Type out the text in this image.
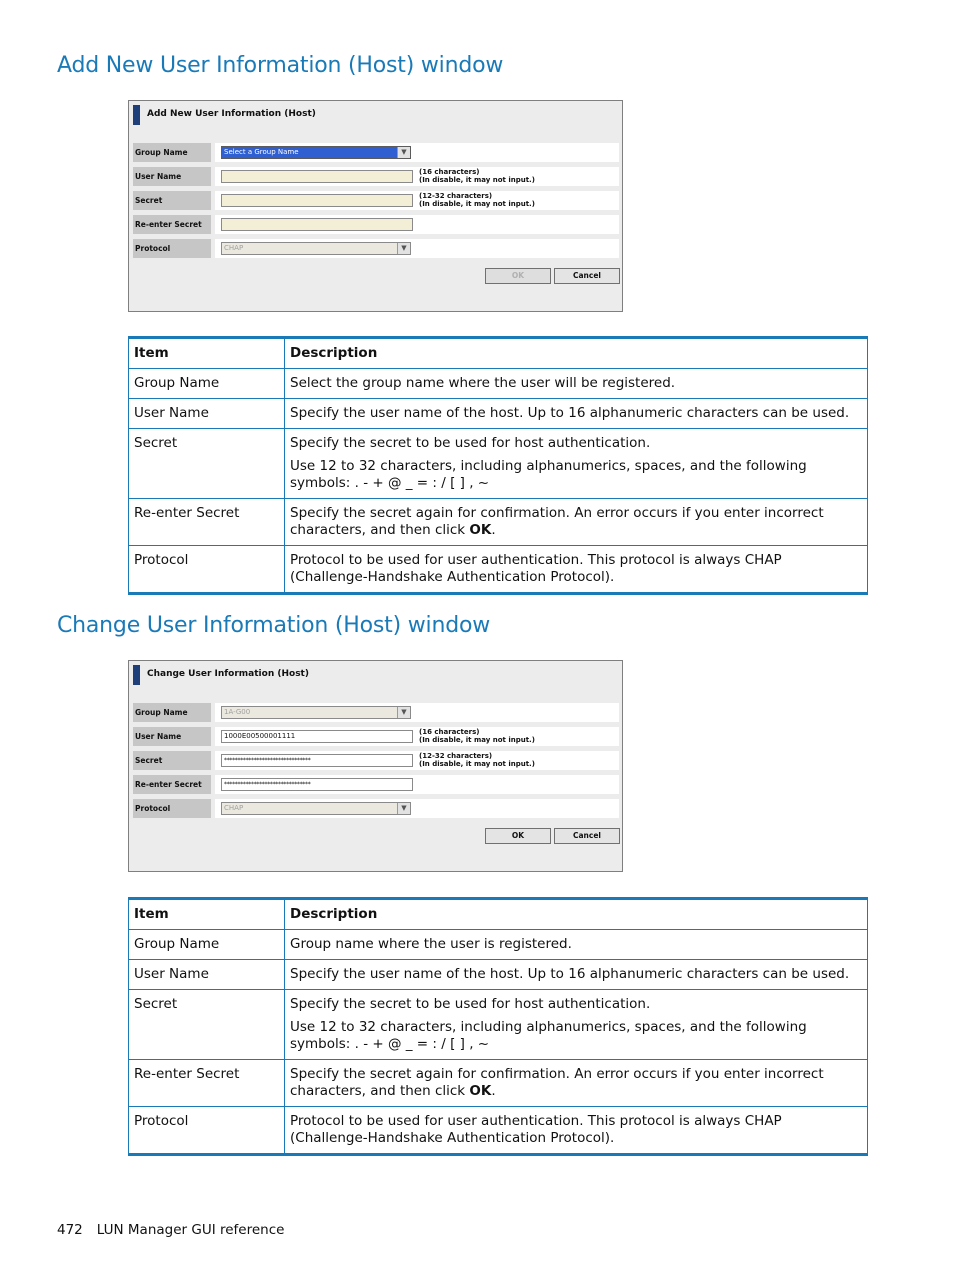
Add New User Information (Host) window
Add New User Information (Host)
Group Name	Select a Group Name	▼
User Name	(16 characters)
(In disable, it may not input.)
Secret	(12-32 characters)
(In disable, it may not input.)
Re-enter Secret
Protocol	CHAP	▼
OK	Cancel
Item	Description
Group Name	Select the group name where the user will be registered.
User Name	Specify the user name of the host. Up to 16 alphanumeric characters can be used.
Secret	Specify the secret to be used for host authentication.

Use 12 to 32 characters, including alphanumerics, spaces, and the following symbols: . - + @ _ = : / [ ] , ~

Re-enter Secret	Specify the secret again for confirmation. An error occurs if you enter incorrect characters, and then click OK.
Protocol	Protocol to be used for user authentication. This protocol is always CHAP (Challenge-Handshake Authentication Protocol).
Change User Information (Host) window
Change User Information (Host)
Group Name	1A-G00	▼
User Name	1000E00500001111	(16 characters)
(In disable, it may not input.)
Secret	********************************
(12-32 characters)
(In disable, it may not input.)
Re-enter Secret	********************************
Protocol	CHAP	▼
OK	Cancel
Item	Description
Group Name	Group name where the user is registered.
User Name	Specify the user name of the host. Up to 16 alphanumeric characters can be used.
Secret	Specify the secret to be used for host authentication.

Use 12 to 32 characters, including alphanumerics, spaces, and the following symbols: . - + @ _ = : / [ ] , ~

Re-enter Secret	Specify the secret again for confirmation. An error occurs if you enter incorrect characters, and then click OK.
Protocol	Protocol to be used for user authentication. This protocol is always CHAP (Challenge-Handshake Authentication Protocol).
472 LUN Manager GUI reference
